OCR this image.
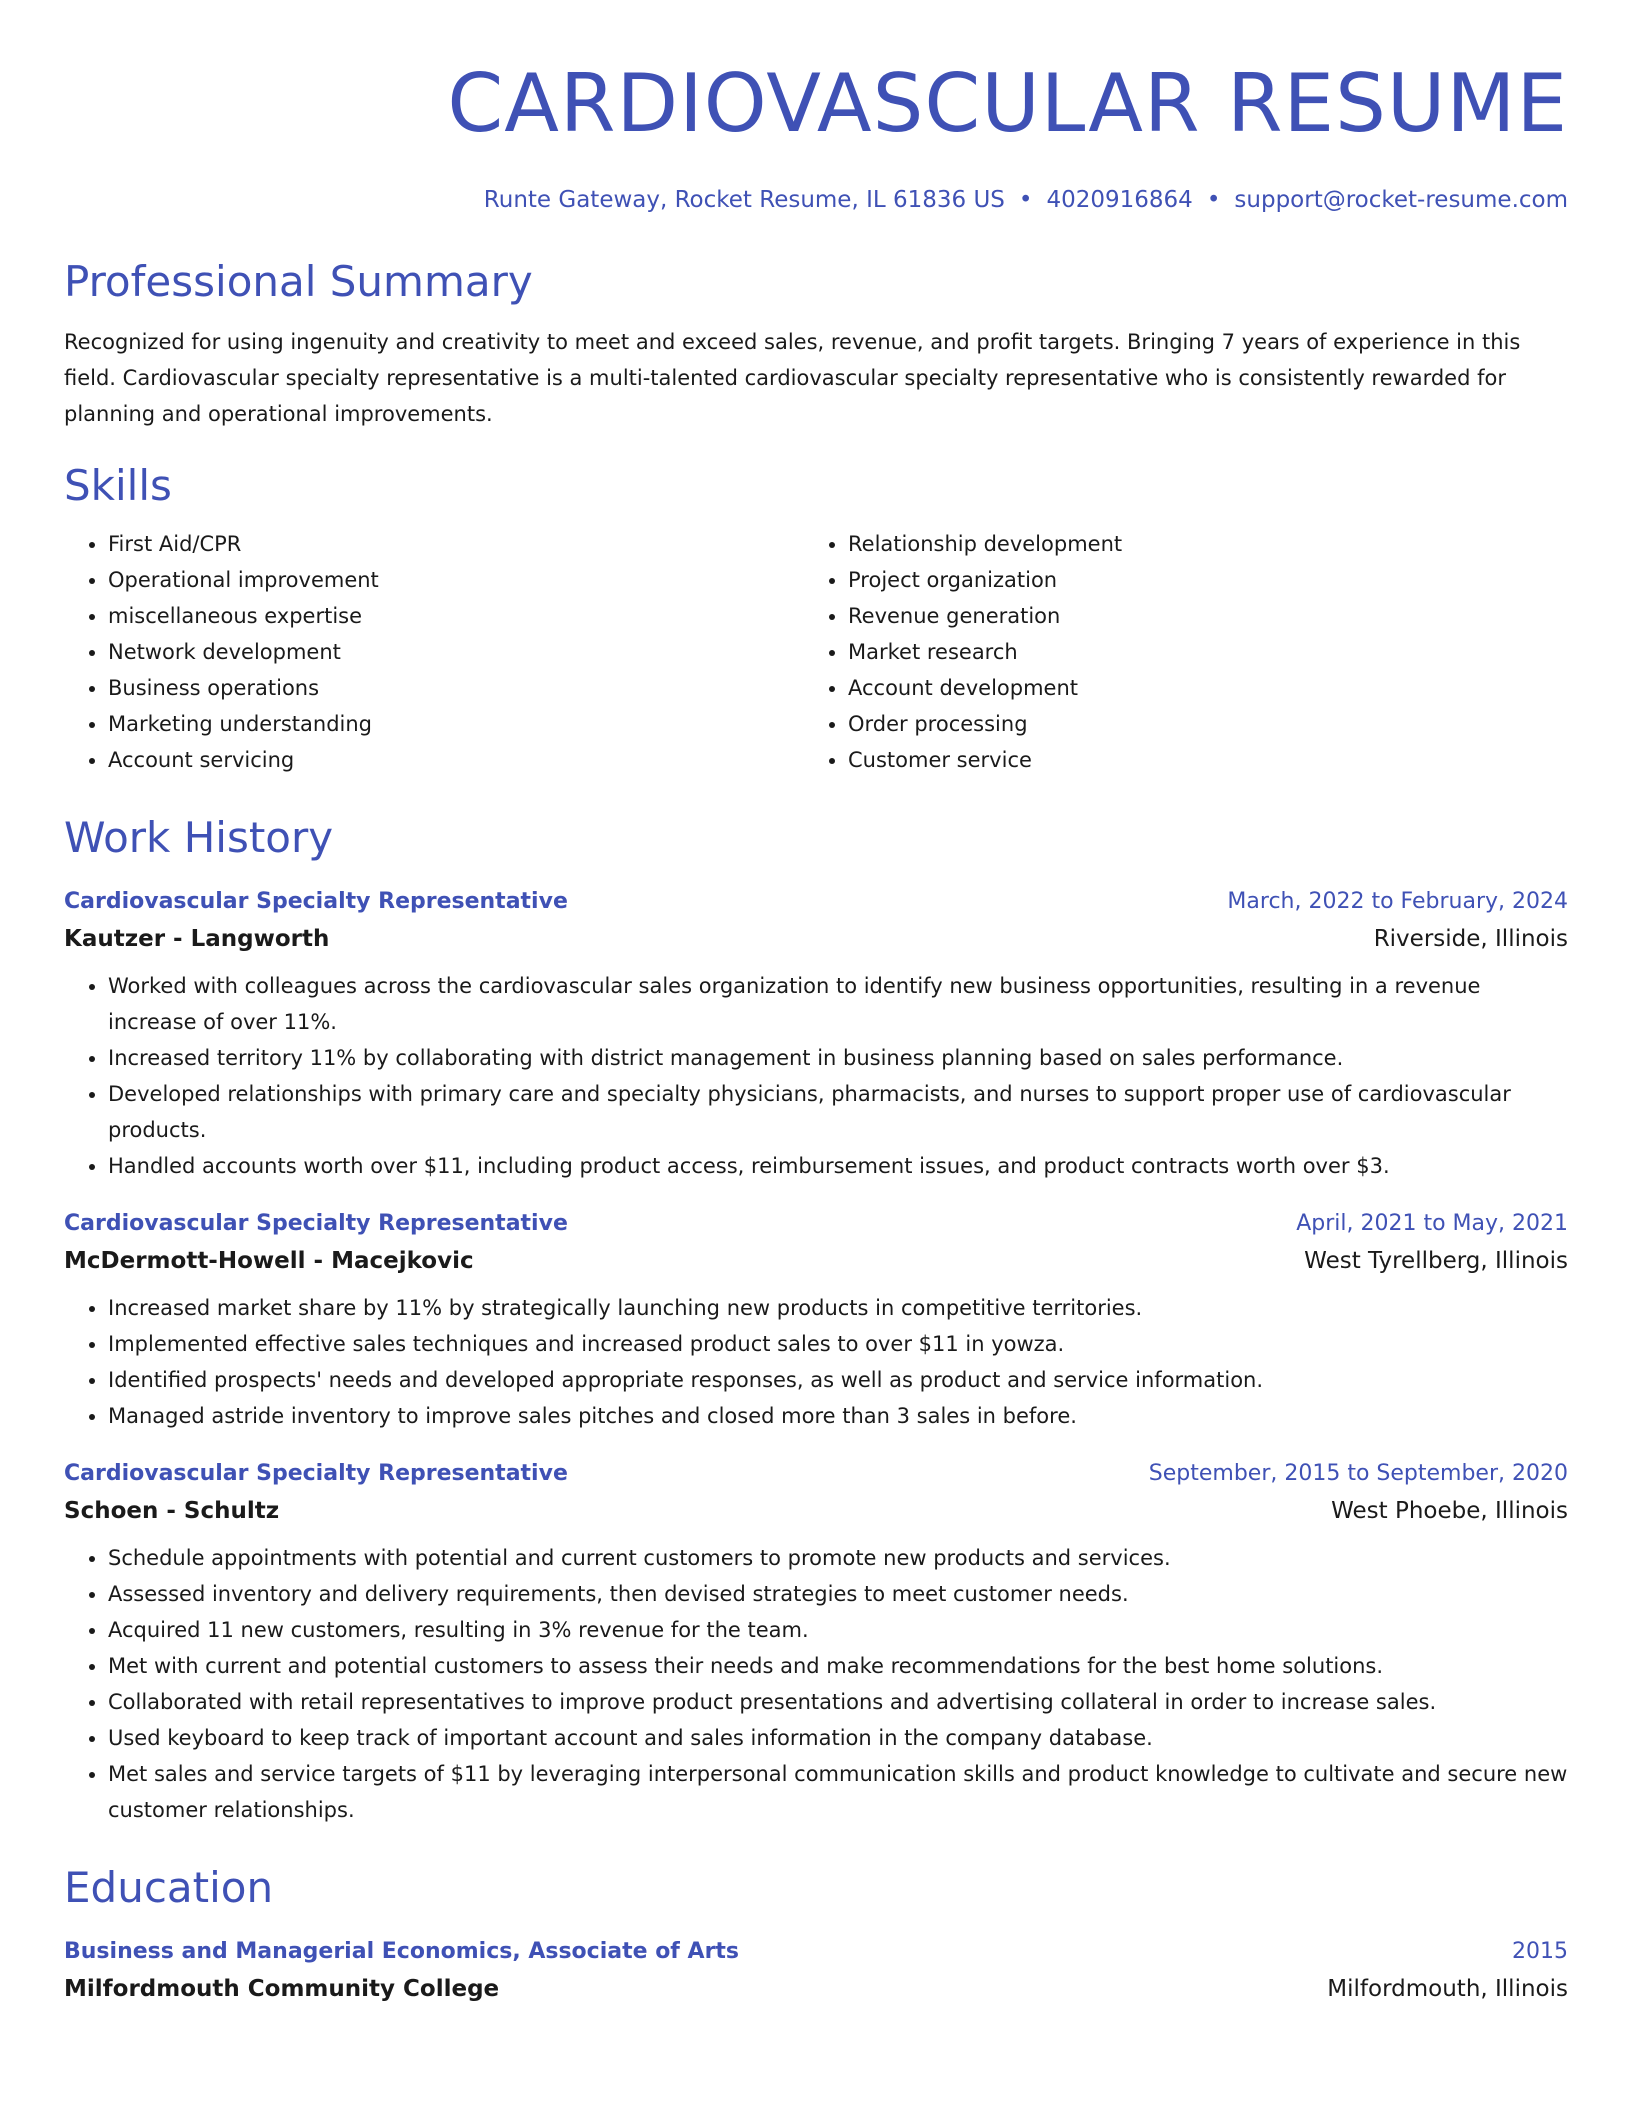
CARDIOVASCULAR RESUME
Runte Gateway, Rocket Resume, IL 61836 US • 4020916864 • support@rocket-resume.com
Professional Summary
Recognized for using ingenuity and creativity to meet and exceed sales, revenue, and profit targets. Bringing 7 years of experience in this field. Cardiovascular specialty representative is a multi-talented cardiovascular specialty representative who is consistently rewarded for planning and operational improvements.
Skills
• First Aid/CPR
• Operational improvement
• miscellaneous expertise
• Network development
• Business operations
• Marketing understanding
• Account servicing
• Relationship development
• Project organization
• Revenue generation
• Market research
• Account development
• Order processing
• Customer service
Work History
Cardiovascular Specialty Representative	March, 2022 to February, 2024
Kautzer - Langworth	Riverside, Illinois
• Worked with colleagues across the cardiovascular sales organization to identify new business opportunities, resulting in a revenue increase of over 11%.
• Increased territory 11% by collaborating with district management in business planning based on sales performance.
• Developed relationships with primary care and specialty physicians, pharmacists, and nurses to support proper use of cardiovascular products.
• Handled accounts worth over $11, including product access, reimbursement issues, and product contracts worth over $3.
Cardiovascular Specialty Representative	April, 2021 to May, 2021
McDermott-Howell - Macejkovic	West Tyrellberg, Illinois
• Increased market share by 11% by strategically launching new products in competitive territories.
• Implemented effective sales techniques and increased product sales to over $11 in yowza.
• Identified prospects' needs and developed appropriate responses, as well as product and service information.
• Managed astride inventory to improve sales pitches and closed more than 3 sales in before.
Cardiovascular Specialty Representative	September, 2015 to September, 2020
Schoen - Schultz	West Phoebe, Illinois
• Schedule appointments with potential and current customers to promote new products and services.
• Assessed inventory and delivery requirements, then devised strategies to meet customer needs.
• Acquired 11 new customers, resulting in 3% revenue for the team.
• Met with current and potential customers to assess their needs and make recommendations for the best home solutions.
• Collaborated with retail representatives to improve product presentations and advertising collateral in order to increase sales.
• Used keyboard to keep track of important account and sales information in the company database.
• Met sales and service targets of $11 by leveraging interpersonal communication skills and product knowledge to cultivate and secure new customer relationships.
Education
Business and Managerial Economics, Associate of Arts	2015
Milfordmouth Community College	Milfordmouth, Illinois
